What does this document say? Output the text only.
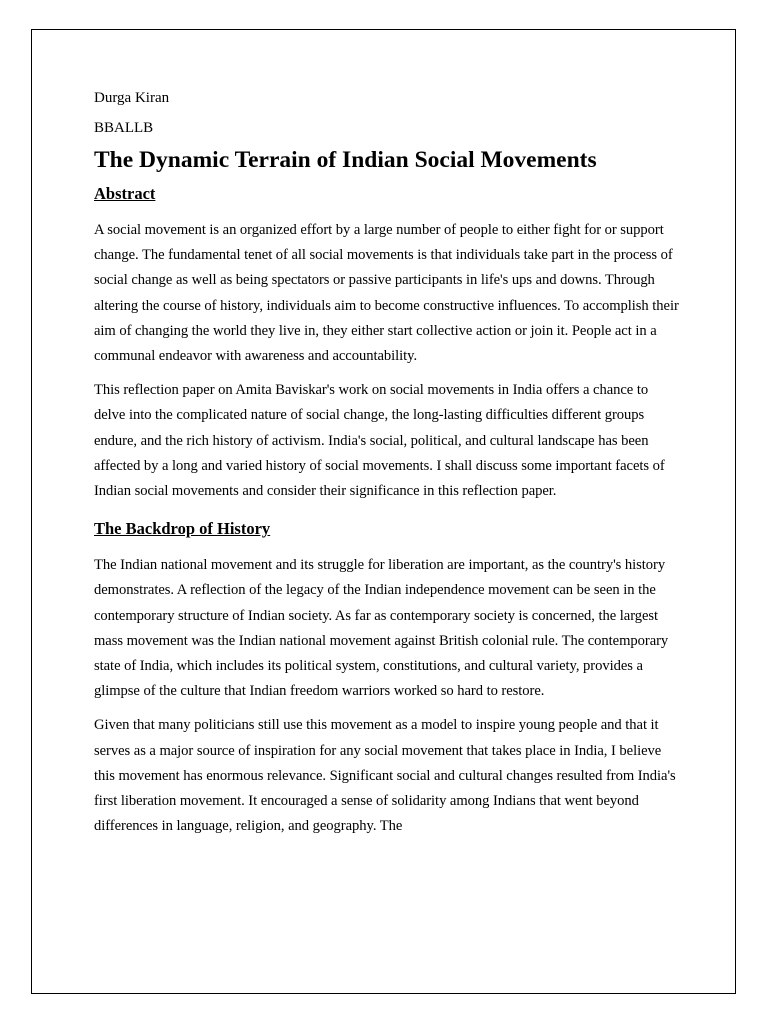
Durga Kiran

BBALLB

The Dynamic Terrain of Indian Social Movements
Abstract

A social movement is an organized effort by a large number of people to either fight for or support change. The fundamental tenet of all social movements is that individuals take part in the process of social change as well as being spectators or passive participants in life's ups and downs. Through altering the course of history, individuals aim to become constructive influences. To accomplish their aim of changing the world they live in, they either start collective action or join it. People act in a communal endeavor with awareness and accountability.

This reflection paper on Amita Baviskar's work on social movements in India offers a chance to delve into the complicated nature of social change, the long-lasting difficulties different groups endure, and the rich history of activism. India's social, political, and cultural landscape has been affected by a long and varied history of social movements. I shall discuss some important facets of Indian social movements and consider their significance in this reflection paper.

The Backdrop of History

The Indian national movement and its struggle for liberation are important, as the country's history demonstrates. A reflection of the legacy of the Indian independence movement can be seen in the contemporary structure of Indian society. As far as contemporary society is concerned, the largest mass movement was the Indian national movement against British colonial rule. The contemporary state of India, which includes its political system, constitutions, and cultural variety, provides a glimpse of the culture that Indian freedom warriors worked so hard to restore.

Given that many politicians still use this movement as a model to inspire young people and that it serves as a major source of inspiration for any social movement that takes place in India, I believe this movement has enormous relevance. Significant social and cultural changes resulted from India's first liberation movement. It encouraged a sense of solidarity among Indians that went beyond differences in language, religion, and geography. The
